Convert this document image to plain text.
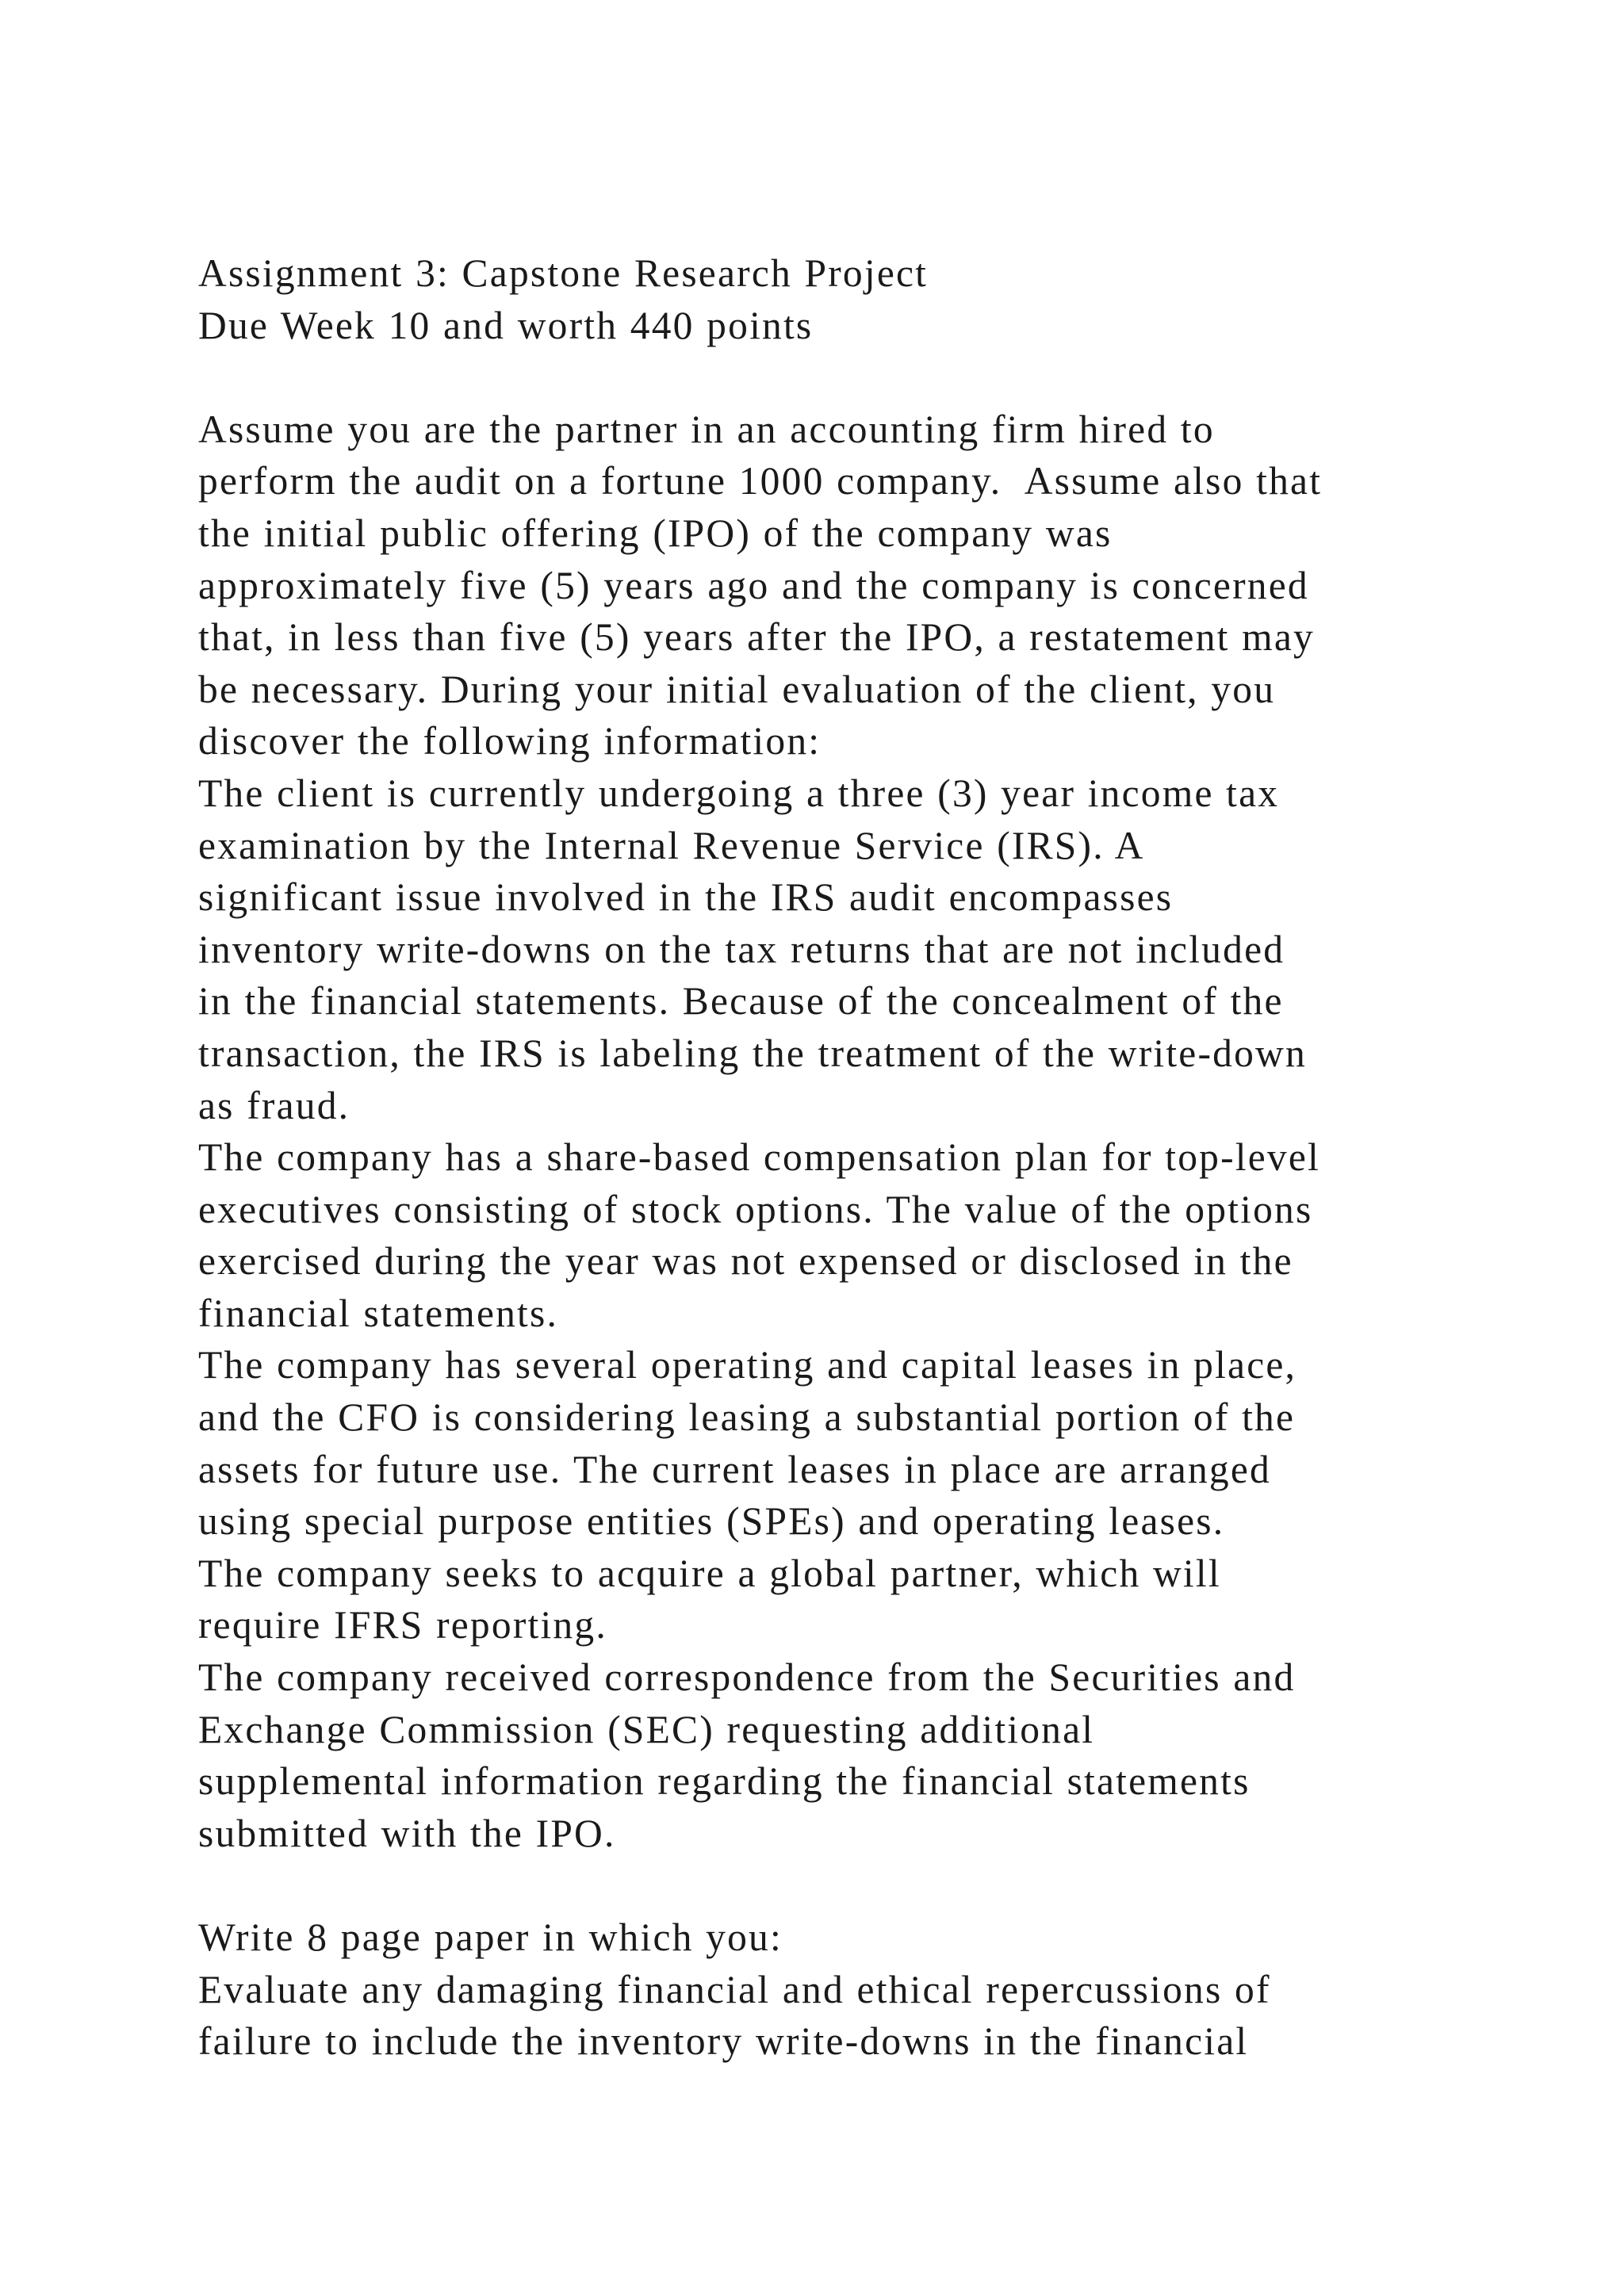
Assignment 3: Capstone Research Project
Due Week 10 and worth 440 points
Assume you are the partner in an accounting firm hired to
perform the audit on a fortune 1000 company.  Assume also that
the initial public offering (IPO) of the company was
approximately five (5) years ago and the company is concerned
that, in less than five (5) years after the IPO, a restatement may
be necessary. During your initial evaluation of the client, you
discover the following information:
The client is currently undergoing a three (3) year income tax
examination by the Internal Revenue Service (IRS). A
significant issue involved in the IRS audit encompasses
inventory write-downs on the tax returns that are not included
in the financial statements. Because of the concealment of the
transaction, the IRS is labeling the treatment of the write-down
as fraud.
The company has a share-based compensation plan for top-level
executives consisting of stock options. The value of the options
exercised during the year was not expensed or disclosed in the
financial statements.
The company has several operating and capital leases in place,
and the CFO is considering leasing a substantial portion of the
assets for future use. The current leases in place are arranged
using special purpose entities (SPEs) and operating leases.
The company seeks to acquire a global partner, which will
require IFRS reporting.
The company received correspondence from the Securities and
Exchange Commission (SEC) requesting additional
supplemental information regarding the financial statements
submitted with the IPO.
Write 8 page paper in which you:
Evaluate any damaging financial and ethical repercussions of
failure to include the inventory write-downs in the financial
